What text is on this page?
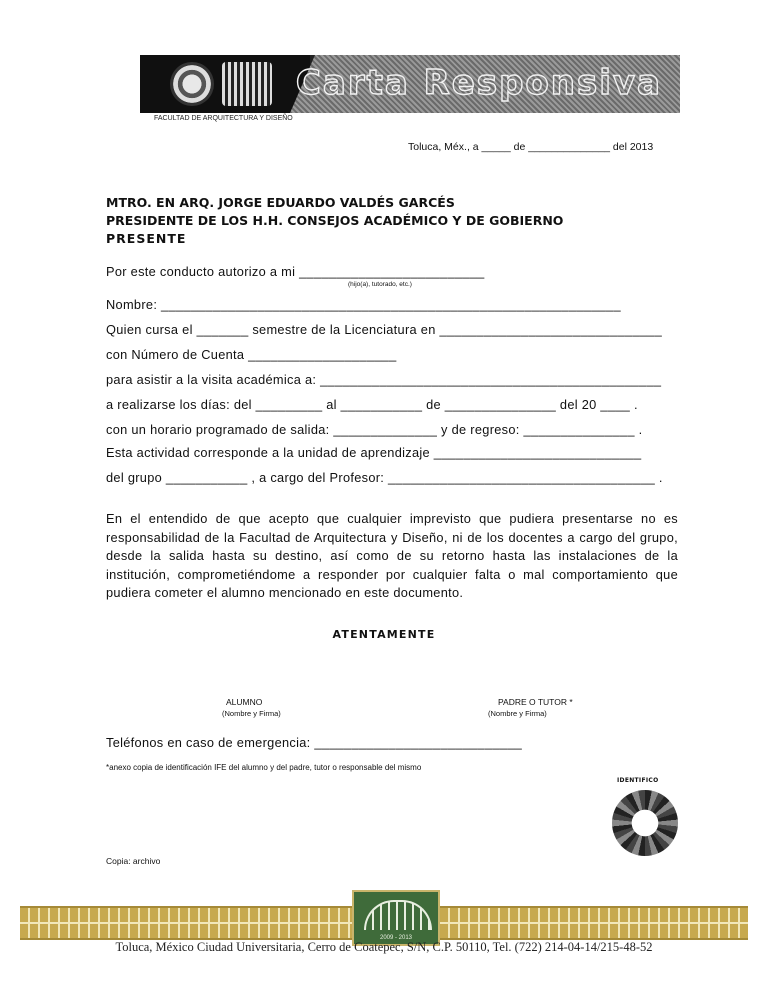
Carta Responsiva
FACULTAD DE ARQUITECTURA Y DISEÑO
Toluca, Méx., a _____ de ______________ del 2013
MTRO. EN ARQ. JORGE EDUARDO VALDÉS GARCÉS
PRESIDENTE DE LOS H.H. CONSEJOS ACADÉMICO Y DE GOBIERNO
PRESENTE
Por este conducto autorizo a mi _________________________
(hijo(a), tutorado, etc.)
Nombre: ______________________________________________________________
Quien cursa el _______ semestre de la Licenciatura en ______________________________
con Número de Cuenta ____________________
para asistir a la visita académica a: ______________________________________________
a realizarse los días: del _________ al ___________ de _______________ del 20 ____ .
con un horario programado de salida: ______________ y de regreso: _______________ .
Esta actividad corresponde a la unidad de aprendizaje ____________________________
del grupo ___________ , a cargo del Profesor: ____________________________________ .
En el entendido de que acepto que cualquier imprevisto que pudiera presentarse no es responsabilidad de la Facultad de Arquitectura y Diseño, ni de los docentes a cargo del grupo, desde la salida hasta su destino, así como de su retorno hasta las instalaciones de la institución, comprometiéndome a responder por cualquier falta o mal comportamiento que pudiera cometer el alumno mencionado en este documento.
ATENTAMENTE
ALUMNO
(Nombre y Firma)
PADRE O TUTOR *
(Nombre y Firma)
Teléfonos en caso de emergencia: ____________________________
*anexo copia de identificación IFE del alumno y del padre, tutor o responsable del mismo
IDENTIFICO
Copia: archivo
2009 - 2013
Toluca, México Ciudad Universitaria, Cerro de Coatepec, S/N, C.P. 50110, Tel. (722) 214-04-14/215-48-52
